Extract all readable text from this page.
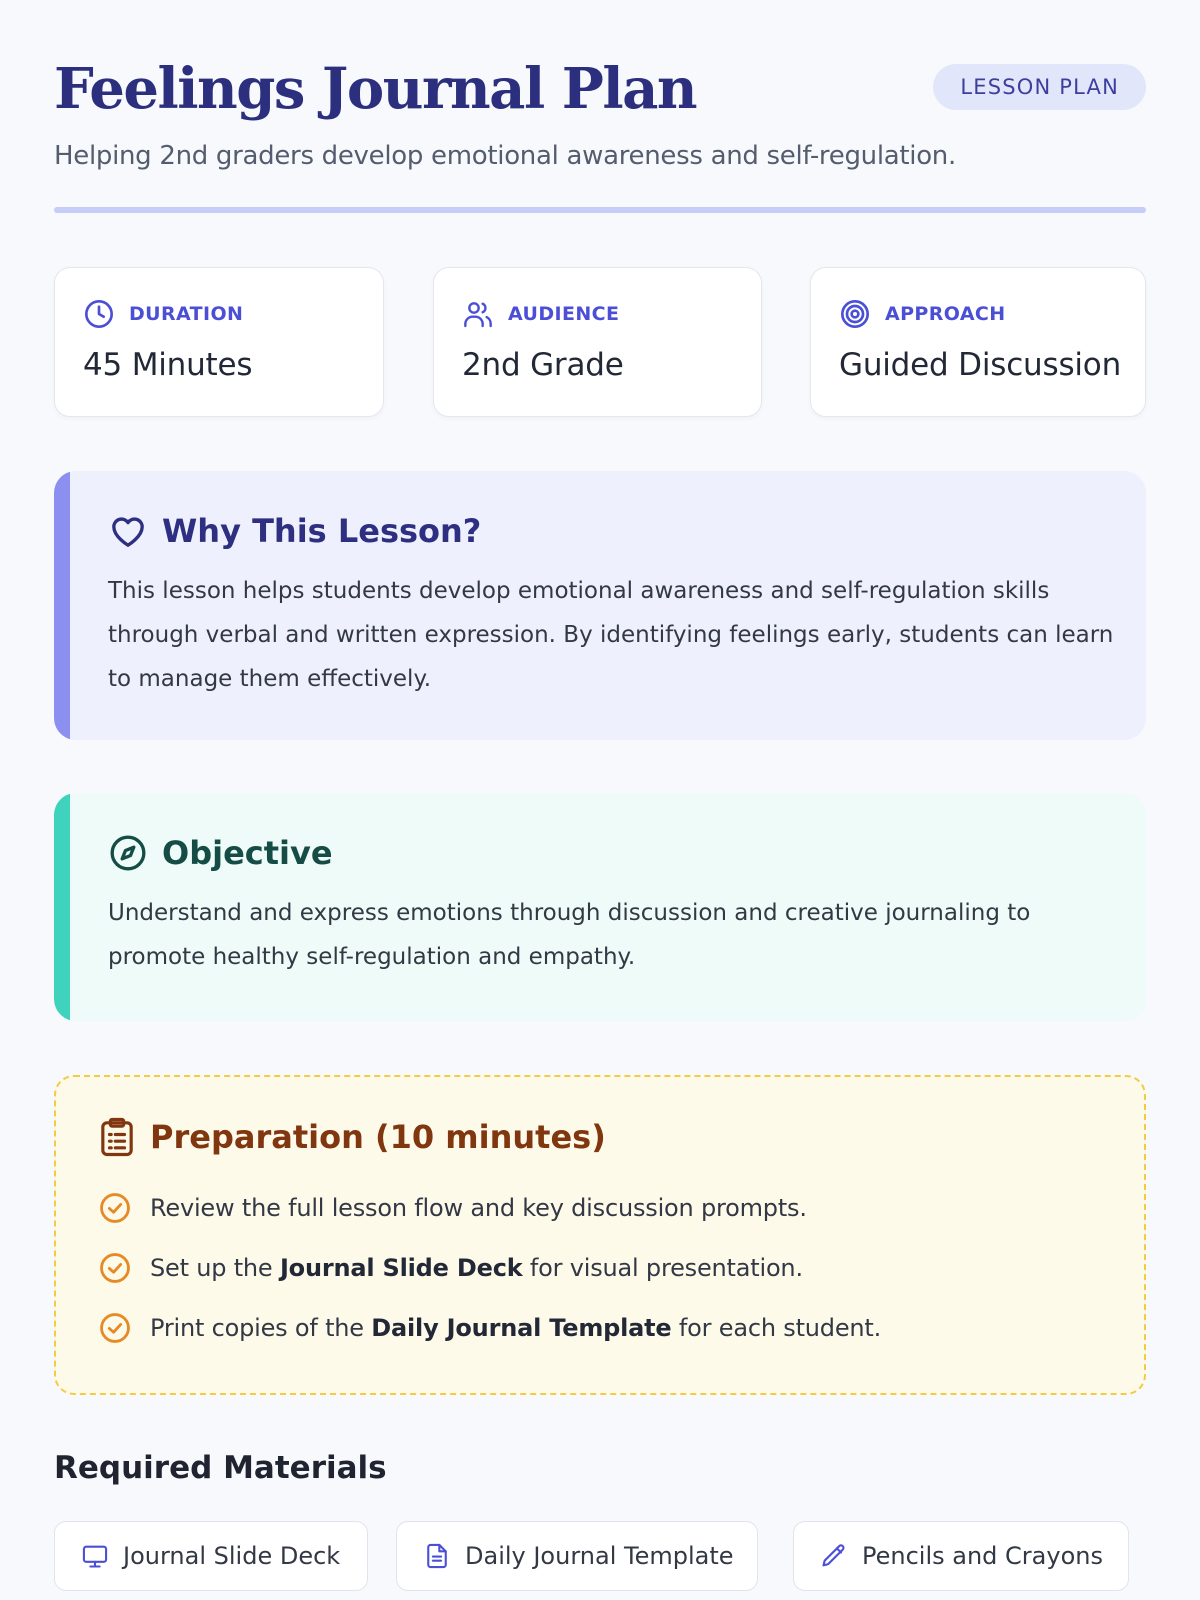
Feelings Journal Plan	LESSON PLAN

Helping 2nd graders develop emotional awareness and self-regulation.

DURATION
45 Minutes
AUDIENCE
2nd Grade
APPROACH
Guided Discussion
Why This Lesson?

This lesson helps students develop emotional awareness and self-regulation skills through verbal and written expression. By identifying feelings early, students can learn to manage them effectively.

Objective

Understand and express emotions through discussion and creative journaling to promote healthy self-regulation and empathy.

Preparation (10 minutes)
Review the full lesson flow and key discussion prompts.
Set up the Journal Slide Deck for visual presentation.
Print copies of the Daily Journal Template for each student.
Required Materials
Journal Slide Deck	Daily Journal Template	Pencils and Crayons
